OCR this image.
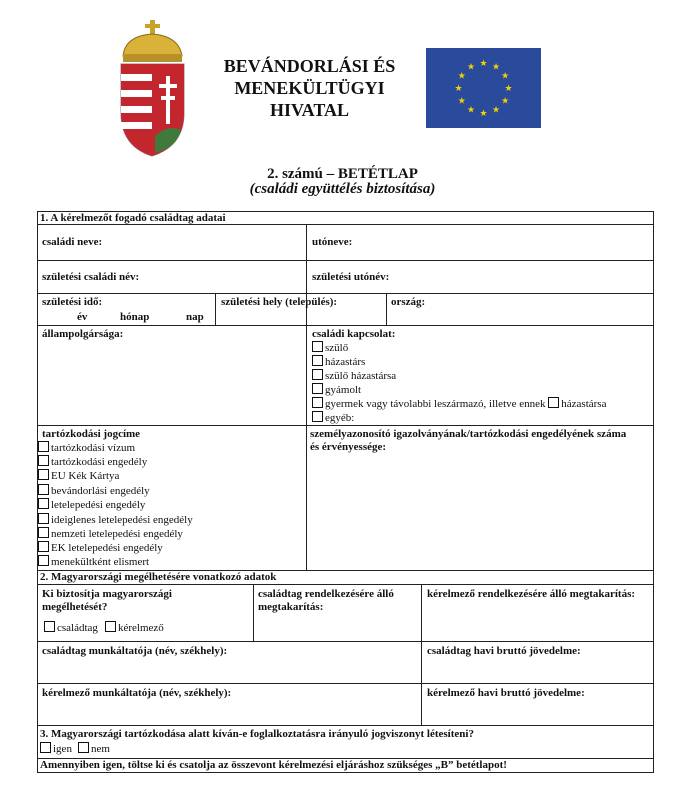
BEVÁNDORLÁSI ÉS
MENEKÜLTÜGYI
HIVATAL
★ ★
★
★
★
★
★
★
★
★
★
★
2. számú – BETÉTLAP
(családi együttélés biztosítása)
1. A kérelmezőt fogadó családtag adatai
családi neve:	utóneve:
születési családi név:	születési utónév:
születési idő:
év	hónap	nap
születési hely (település):	ország:
állampolgársága:	családi kapcsolat:
szülő
házastárs
szülő házastársa
gyámolt
gyermek vagy távolabbi leszármazó, illetve ennek házastársa
egyéb:
tartózkodási jogcíme
tartózkodási vízum
tartózkodási engedély
EU Kék Kártya
bevándorlási engedély
letelepedési engedély
ideiglenes letelepedési engedély
nemzeti letelepedési engedély
EK letelepedési engedély
menekültként elismert
személyazonosító igazolványának/tartózkodási engedélyének száma
és érvényessége:
2. Magyarországi megélhetésére vonatkozó adatok
Ki biztosítja magyarországi
megélhetését?
családtag	kérelmező
családtag rendelkezésére álló
megtakarítás:
kérelmező rendelkezésére álló megtakarítás:
családtag munkáltatója (név, székhely):	családtag havi bruttó jövedelme:
kérelmező munkáltatója (név, székhely):	kérelmező havi bruttó jövedelme:
3. Magyarországi tartózkodása alatt kíván-e foglalkoztatásra irányuló jogviszonyt létesíteni?
igen	nem
Amennyiben igen, töltse ki és csatolja az összevont kérelmezési eljáráshoz szükséges „B” betétlapot!
